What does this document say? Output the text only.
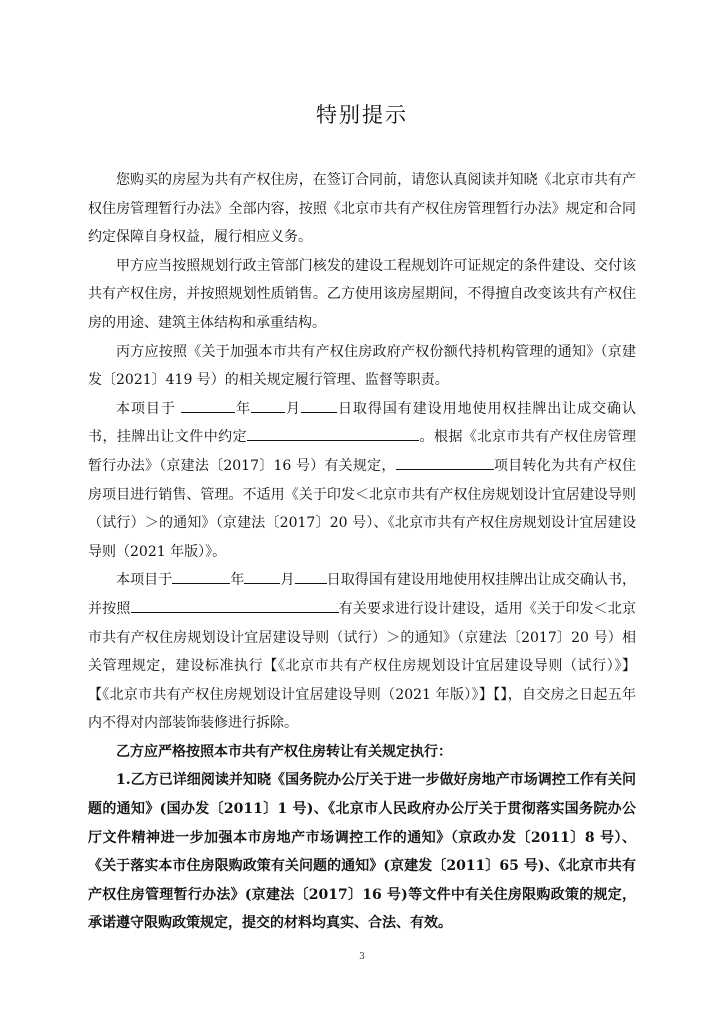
特别提示

您购买的房屋为共有产权住房，在签订合同前，请您认真阅读并知晓《北京市共有产权住房管理暂行办法》全部内容，按照《北京市共有产权住房管理暂行办法》规定和合同约定保障自身权益，履行相应义务。

甲方应当按照规划行政主管部门核发的建设工程规划许可证规定的条件建设、交付该共有产权住房，并按照规划性质销售。乙方使用该房屋期间，不得擅自改变该共有产权住房的用途、建筑主体结构和承重结构。

丙方应按照《关于加强本市共有产权住房政府产权份额代持机构管理的通知》（京建发〔2021〕419 号）的相关规定履行管理、监督等职责。

本项目于	年 月	日取得国有建设用地使用权挂牌出让成交确认书，挂牌出让文件中约定	。根据《北京市共有产权住房管理暂行办法》（京建法〔2017〕16 号）有关规定，	项目转化为共有产权住房项目进行销售、管理。不适用《关于印发＜北京市共有产权住房规划设计宜居建设导则（试行）＞的通知》（京建法〔2017〕20 号）、《北京市共有产权住房规划设计宜居建设导则（2021 年版）》。

本项目于	年	月 日取得国有建设用地使用权挂牌出让成交确认书，并按照	有关要求进行设计建设，适用《关于印发＜北京市共有产权住房规划设计宜居建设导则（试行）＞的通知》（京建法〔2017〕20 号）相关管理规定，建设标准执行【《北京市共有产权住房规划设计宜居建设导则（试行）》】【《北京市共有产权住房规划设计宜居建设导则（2021 年版）》】【】，自交房之日起五年内不得对内部装饰装修进行拆除。

乙方应严格按照本市共有产权住房转让有关规定执行：

1.乙方已详细阅读并知晓《国务院办公厅关于进一步做好房地产市场调控工作有关问题的通知》(国办发〔2011〕1 号)、《北京市人民政府办公厅关于贯彻落实国务院办公厅文件精神进一步加强本市房地产市场调控工作的通知》（京政办发〔2011〕8 号）、《关于落实本市住房限购政策有关问题的通知》(京建发〔2011〕65 号)、《北京市共有产权住房管理暂行办法》(京建法〔2017〕16 号)等文件中有关住房限购政策的规定，承诺遵守限购政策规定，提交的材料均真实、合法、有效。

3
